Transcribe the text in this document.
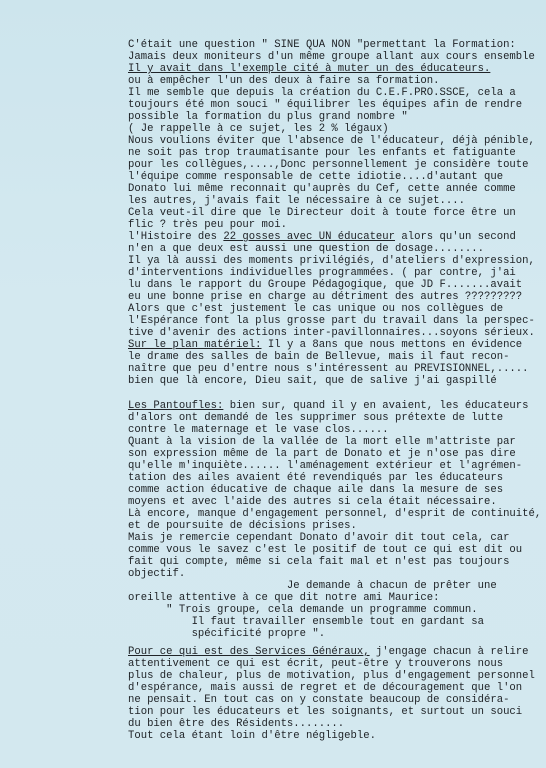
C'était une question " SINE QUA NON "permettant la Formation:
Jamais deux moniteurs d'un même groupe allant aux cours ensemble
Il y avait dans l'exemple cité à muter un des éducateurs.
ou à empêcher l'un des deux à faire sa formation.
Il me semble que depuis la création du C.E.F.PRO.SSCE, cela a
toujours été mon souci " équilibrer les équipes afin de rendre
possible la formation du plus grand nombre "
( Je rappelle à ce sujet, les 2 % légaux)
Nous voulions éviter que l'absence de l'éducateur, déjà pénible,
ne soit pas trop traumatisante pour les enfants et fatiguante
pour les collègues,....,Donc personnellement je considère toute
l'équipe comme responsable de cette idiotie....d'autant que
Donato lui même reconnait qu'auprès du Cef, cette année comme
les autres, j'avais fait le nécessaire à ce sujet....
Cela veut-il dire que le Directeur doit à toute force être un
flic ? très peu pour moi.
l'Histoire des 22 gosses avec UN éducateur alors qu'un second
n'en a que deux est aussi une question de dosage........
Il ya là aussi des moments privilégiés, d'ateliers d'expression,
d'interventions individuelles programmées. ( par contre, j'ai
lu dans le rapport du Groupe Pédagogique, que JD F.......avait
eu une bonne prise en charge au détriment des autres ?????????
Alors que c'est justement le cas unique ou nos collègues de
l'Espérance font la plus grosse part du travail dans la perspec-
tive d'avenir des actions inter-pavillonnaires...soyons sérieux.
Sur le plan matériel: Il y a 8ans que nous mettons en évidence
le drame des salles de bain de Bellevue, mais il faut recon-
naître que peu d'entre nous s'intéressent au PREVISIONNEL,.....
bien que là encore, Dieu sait, que de salive j'ai gaspillé
Les Pantoufles: bien sur, quand il y en avaient, les éducateurs
d'alors ont demandé de les supprimer sous prétexte de lutte
contre le maternage et le vase clos......
Quant à la vision de la vallée de la mort elle m'attriste par
son expression même de la part de Donato et je n'ose pas dire
qu'elle m'inquiète...... l'aménagement extérieur et l'agrémen-
tation des ailes avaient été revendiqués par les éducateurs
comme action éducative de chaque aile dans la mesure de ses
moyens et avec l'aide des autres si cela était nécessaire.
Là encore, manque d'engagement personnel, d'esprit de continuité,
et de poursuite de décisions prises.
Mais je remercie cependant Donato d'avoir dit tout cela, car
comme vous le savez c'est le positif de tout ce qui est dit ou
fait qui compte, même si cela fait mal et n'est pas toujours
objectif.
Je demande à chacun de prêter une
oreille attentive à ce que dit notre ami Maurice:
" Trois groupe, cela demande un programme commun.
Il faut travailler ensemble tout en gardant sa
spécificité propre ".
Pour ce qui est des Services Généraux, j'engage chacun à relire
attentivement ce qui est écrit, peut-être y trouverons nous
plus de chaleur, plus de motivation, plus d'engagement personnel
d'espérance, mais aussi de regret et de découragement que l'on
ne pensait. En tout cas on y constate beaucoup de considéra-
tion pour les éducateurs et les soignants, et surtout un souci
du bien être des Résidents........
Tout cela étant loin d'être négligeble.
